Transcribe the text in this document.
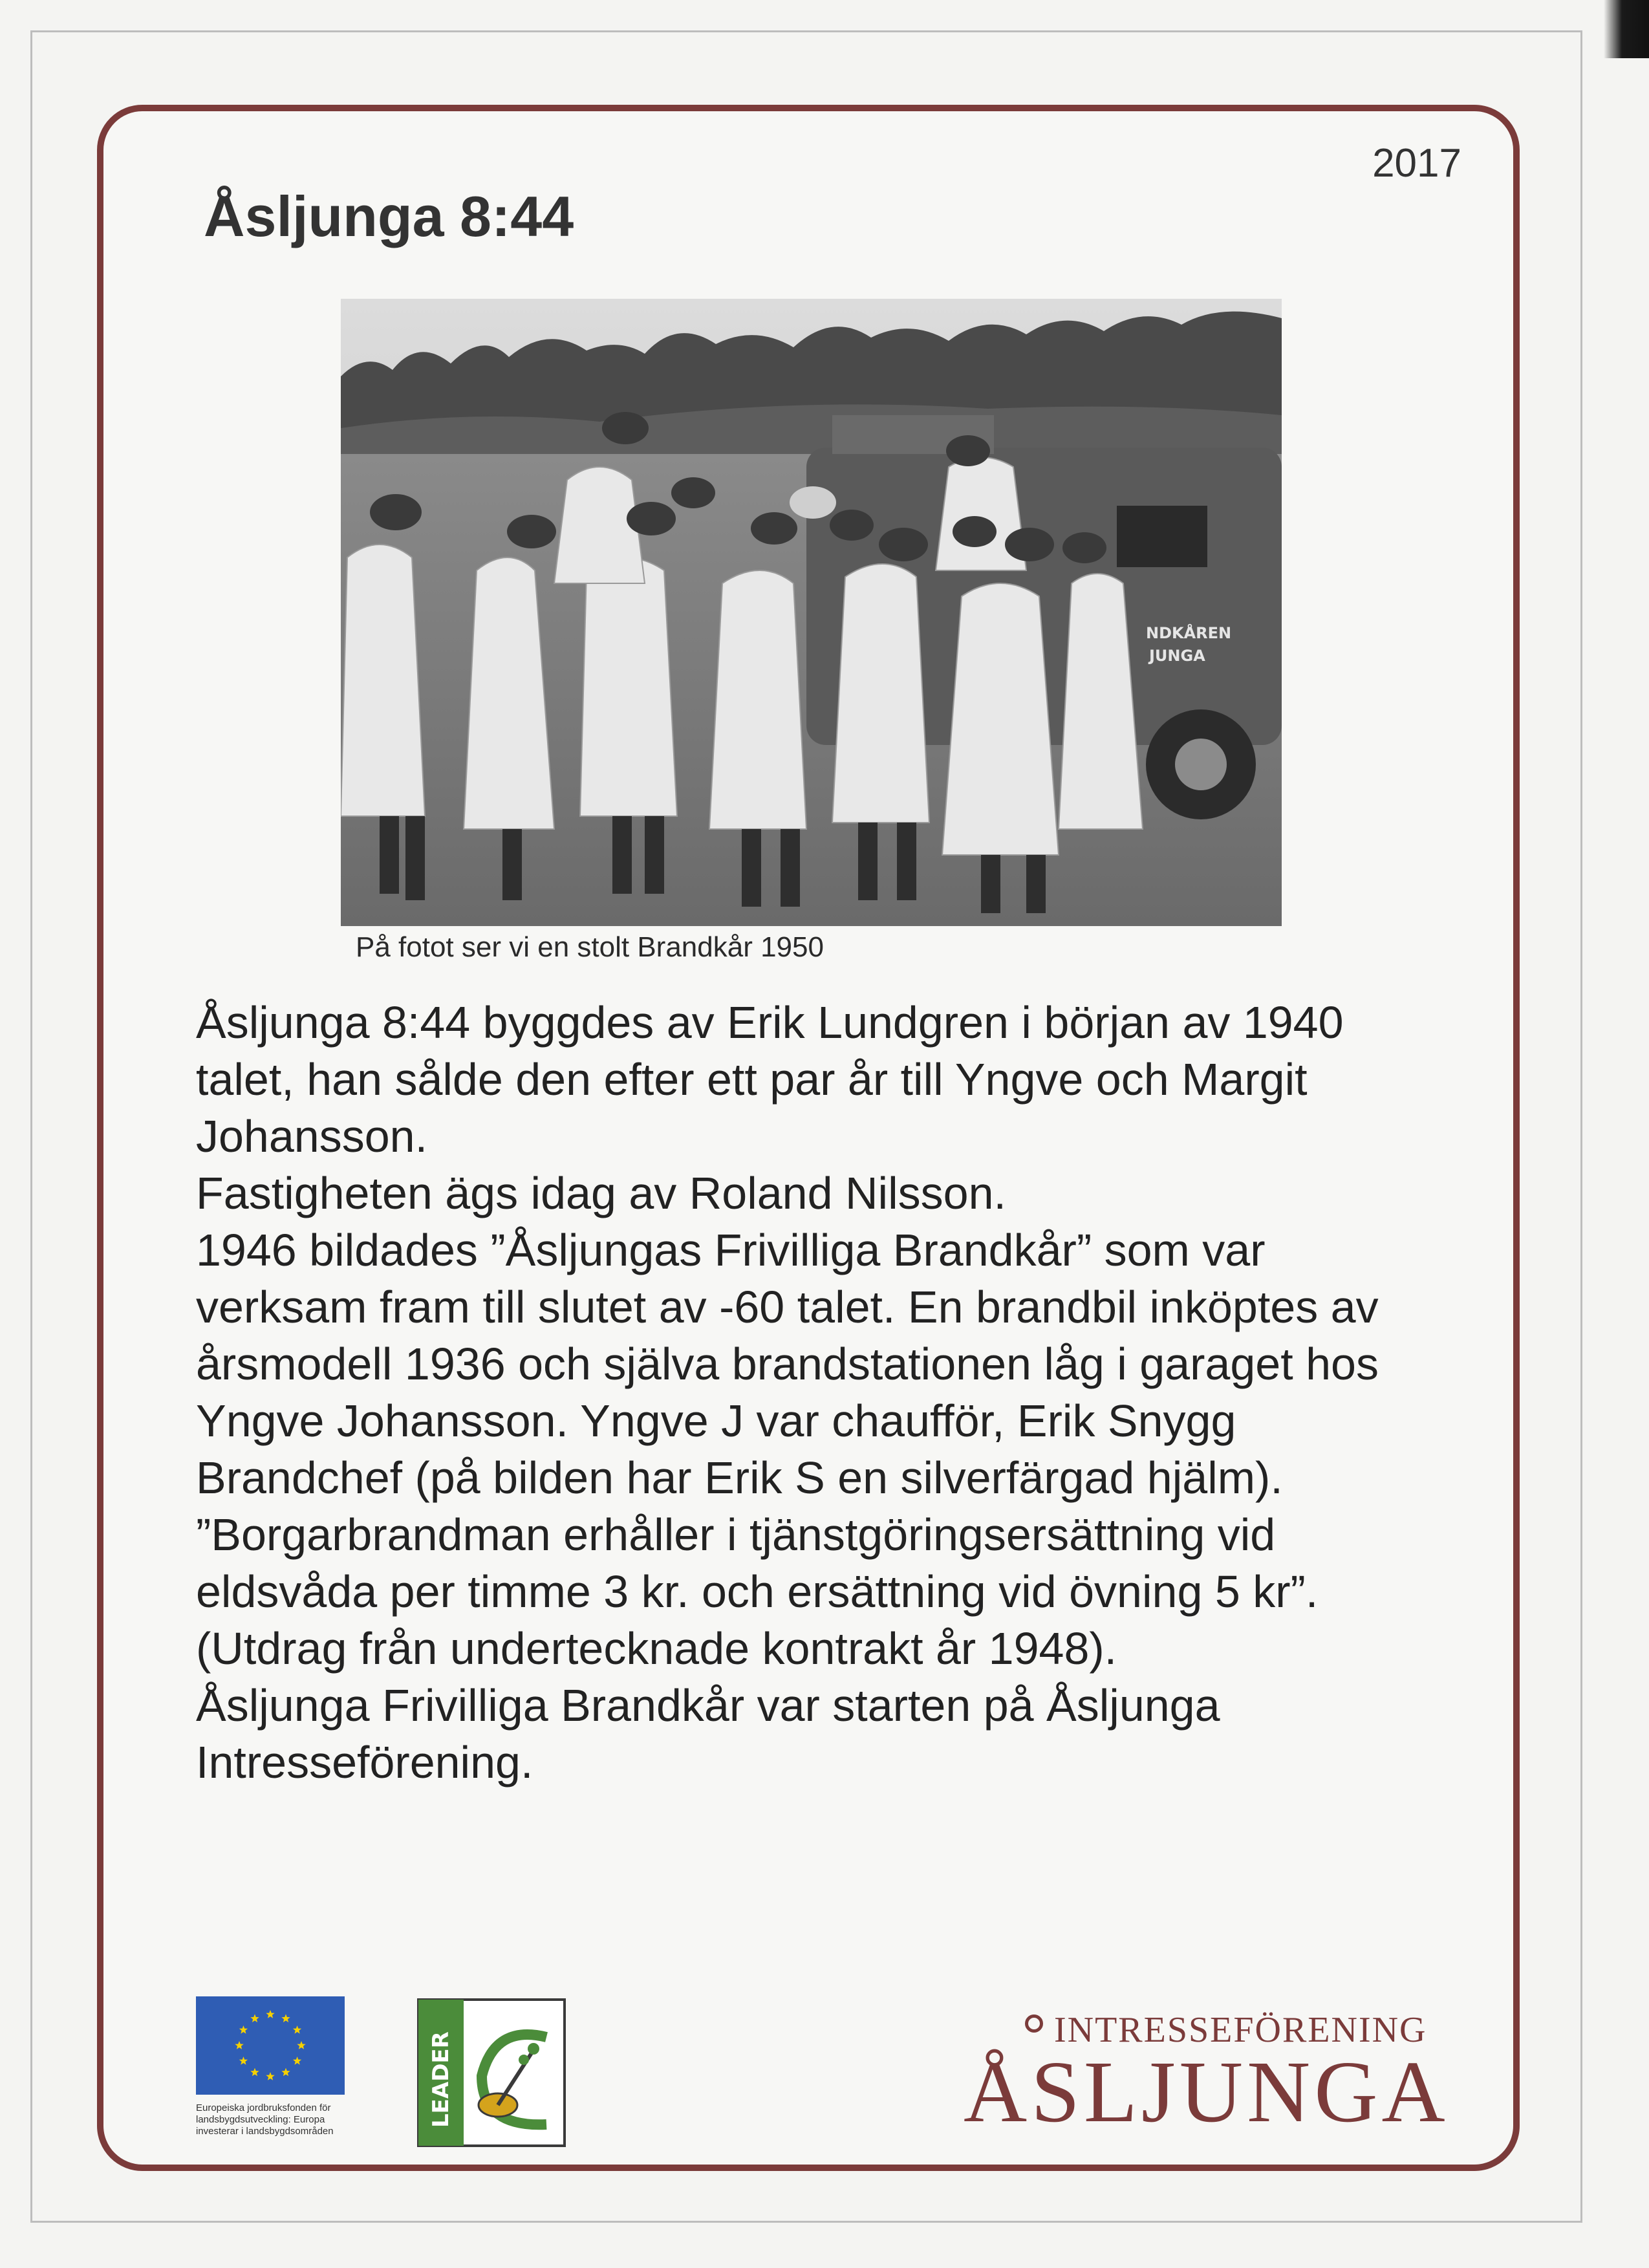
Åsljunga 8:44
2017
NDKÅREN
JUNGA
På fotot ser vi en stolt Brandkår 1950

Åsljunga 8:44 byggdes av Erik Lundgren i början av 1940 talet, han sålde den efter ett par år till Yngve och Margit Johansson.

Fastigheten ägs idag av Roland Nilsson.

1946 bildades ”Åsljungas Frivilliga Brandkår” som var verksam fram till slutet av -60 talet. En brandbil inköptes av årsmodell 1936 och själva brandstationen låg i garaget hos Yngve Johansson. Yngve J var chaufför, Erik Snygg Brandchef (på bilden har Erik S en silverfärgad hjälm). ”Borgarbrandman erhåller i tjänstgöringsersättning vid eldsvåda per timme 3 kr. och ersättning vid övning 5 kr”. (Utdrag från undertecknade kontrakt år 1948).

Åsljunga Frivilliga Brandkår var starten på Åsljunga Intresseförening.

Europeiska jordbruksfonden för landsbygdsutveckling: Europa investerar i landsbygdsområden
LEADER
INTRESSEFÖRENING
ÅSLJUNGA
